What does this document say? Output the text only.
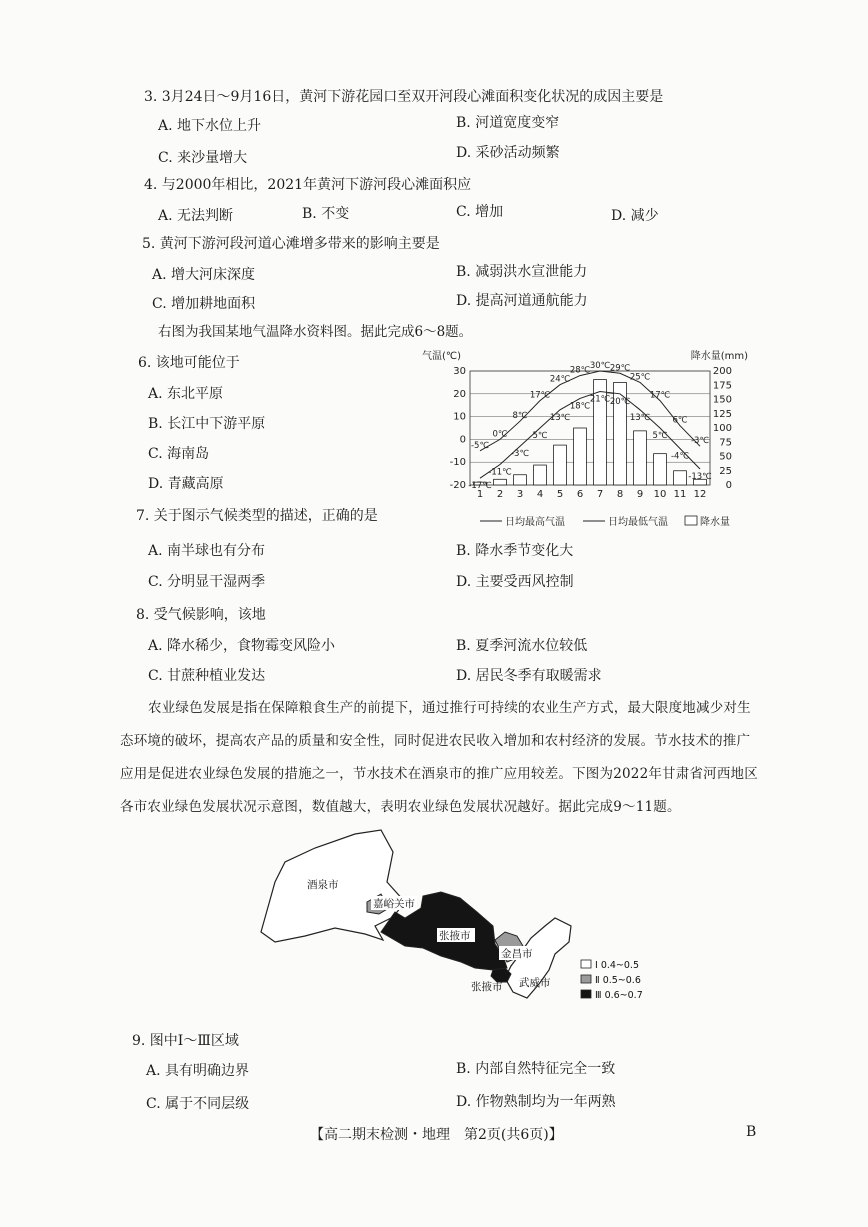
3. 3月24日～9月16日，黄河下游花园口至双开河段心滩面积变化状况的成因主要是
A. 地下水位上升	B. 河道宽度变窄
C. 来沙量增大	D. 采砂活动频繁
4. 与2000年相比，2021年黄河下游河段心滩面积应
A. 无法判断	B. 不变	C. 增加	D. 减少
5. 黄河下游河段河道心滩增多带来的影响主要是
A. 增大河床深度	B. 减弱洪水宣泄能力
C. 增加耕地面积	D. 提高河道通航能力
右图为我国某地气温降水资料图。据此完成6～8题。
6. 该地可能位于
A. 东北平原
B. 长江中下游平原
C. 海南岛
D. 青藏高原
气温(℃)	降水量(mm)
-5℃
0℃
8℃
17℃
24℃
28℃ 30℃ 29℃
25℃
17℃
6℃
-3℃
-17℃
-11℃
-3℃
5℃
13℃
18℃
21℃ 20℃
13℃
5℃
-4℃
-13℃
30
20
10
0
-10
-20
200
175
150
125
100
75
50
25
0
1 2 3 4 5 6 7 8 9 10 11 12
日均最高气温	日均最低气温	降水量
7. 关于图示气候类型的描述，正确的是
A. 南半球也有分布	B. 降水季节变化大
C. 分明显干湿两季	D. 主要受西风控制
8. 受气候影响，该地
A. 降水稀少，食物霉变风险小	B. 夏季河流水位较低
C. 甘蔗种植业发达	D. 居民冬季有取暖需求

农业绿色发展是指在保障粮食生产的前提下，通过推行可持续的农业生产方式，最大限度地减少对生态环境的破坏，提高农产品的质量和安全性，同时促进农民收入增加和农村经济的发展。节水技术的推广应用是促进农业绿色发展的措施之一，节水技术在酒泉市的推广应用较差。下图为2022年甘肃省河西地区各市农业绿色发展状况示意图，数值越大，表明农业绿色发展状况越好。据此完成9～11题。

酒泉市
嘉峪关市
张掖市
金昌市
张掖市 武威市
Ⅰ 0.4~0.5
Ⅱ 0.5~0.6
Ⅲ 0.6~0.7
9. 图中Ⅰ～Ⅲ区域
A. 具有明确边界	B. 内部自然特征完全一致
C. 属于不同层级	D. 作物熟制均为一年两熟
【高二期末检测・地理　第2页(共6页)】	B
